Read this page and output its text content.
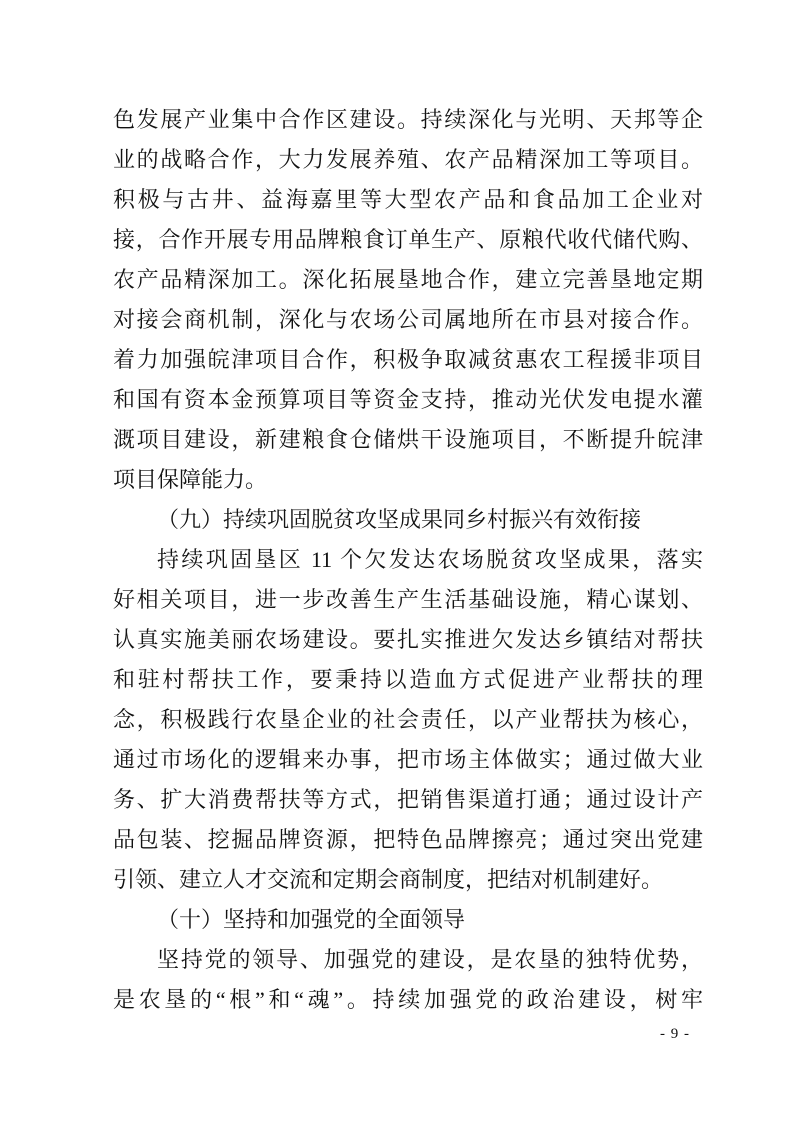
色发展产业集中合作区建设。持续深化与光明、天邦等企
业的战略合作，大力发展养殖、农产品精深加工等项目。
积极与古井、益海嘉里等大型农产品和食品加工企业对
接，合作开展专用品牌粮食订单生产、原粮代收代储代购、
农产品精深加工。深化拓展垦地合作，建立完善垦地定期
对接会商机制，深化与农场公司属地所在市县对接合作。
着力加强皖津项目合作，积极争取减贫惠农工程援非项目
和国有资本金预算项目等资金支持，推动光伏发电提水灌
溉项目建设，新建粮食仓储烘干设施项目，不断提升皖津
项目保障能力。
（九）持续巩固脱贫攻坚成果同乡村振兴有效衔接
持续巩固垦区 11 个欠发达农场脱贫攻坚成果，落实
好相关项目，进一步改善生产生活基础设施，精心谋划、
认真实施美丽农场建设。要扎实推进欠发达乡镇结对帮扶
和驻村帮扶工作，要秉持以造血方式促进产业帮扶的理
念，积极践行农垦企业的社会责任，以产业帮扶为核心，
通过市场化的逻辑来办事，把市场主体做实；通过做大业
务、扩大消费帮扶等方式，把销售渠道打通；通过设计产
品包装、挖掘品牌资源，把特色品牌擦亮；通过突出党建
引领、建立人才交流和定期会商制度，把结对机制建好。
（十）坚持和加强党的全面领导
坚持党的领导、加强党的建设，是农垦的独特优势，
是农垦的“根”和“魂”。持续加强党的政治建设，树牢
- 9 -
